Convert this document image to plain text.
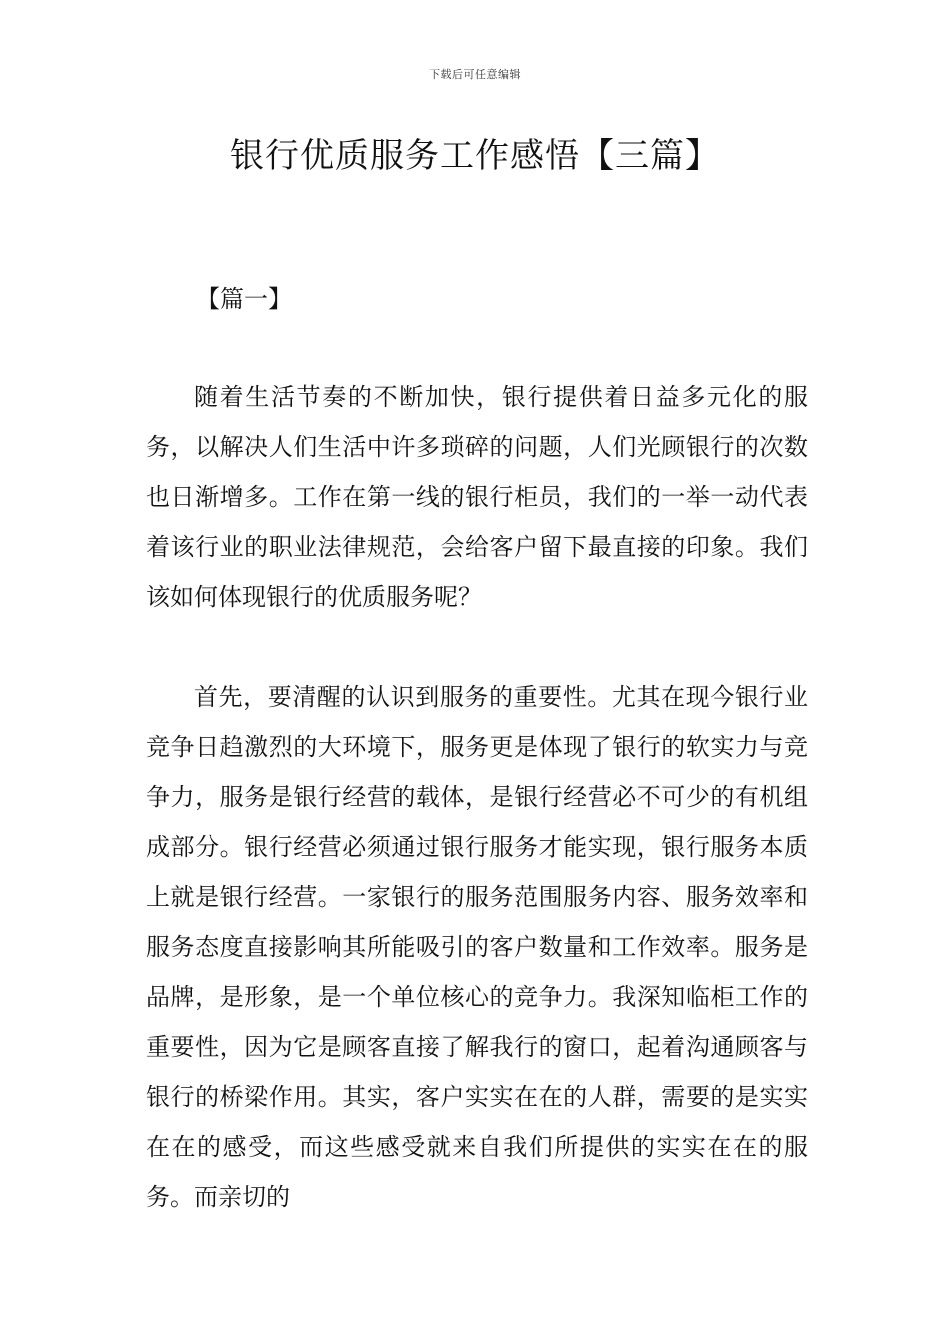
下载后可任意编辑
银行优质服务工作感悟【三篇】
【篇一】

随着生活节奏的不断加快，银行提供着日益多元化的服务，以解决人们生活中许多琐碎的问题，人们光顾银行的次数也日渐增多。工作在第一线的银行柜员，我们的一举一动代表着该行业的职业法律规范，会给客户留下最直接的印象。我们该如何体现银行的优质服务呢？

首先，要清醒的认识到服务的重要性。尤其在现今银行业竞争日趋激烈的大环境下，服务更是体现了银行的软实力与竞争力，服务是银行经营的载体，是银行经营必不可少的有机组成部分。银行经营必须通过银行服务才能实现，银行服务本质上就是银行经营。一家银行的服务范围服务内容、服务效率和服务态度直接影响其所能吸引的客户数量和工作效率。服务是品牌，是形象，是一个单位核心的竞争力。我深知临柜工作的重要性，因为它是顾客直接了解我行的窗口，起着沟通顾客与银行的桥梁作用。其实，客户实实在在的人群，需要的是实实在在的感受，而这些感受就来自我们所提供的实实在在的服务。而亲切的
